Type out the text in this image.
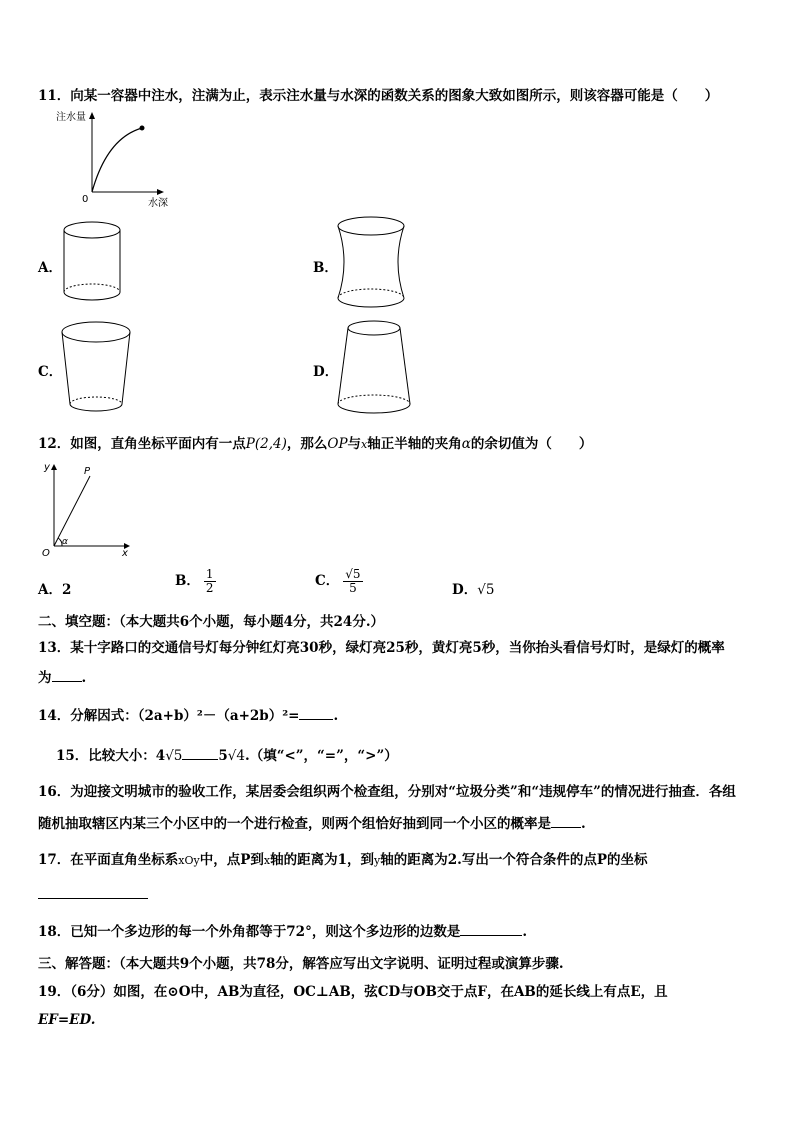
11．向某一容器中注水，注满为止，表示注水量与水深的函数关系的图象大致如图所示，则该容器可能是（　　）
注水量
0	水深
A．	B．
C．	D．
12．如图，直角坐标平面内有一点P(2,4)，那么OP与x轴正半轴的夹角α的余切值为（　　）
y	P
O	x
α
A．2
B． $\frac{1}{2}$	C． $\frac{√5}{5}$	D．√5
二、填空题：（本大题共6个小题，每小题4分，共24分.）
13．某十字路口的交通信号灯每分钟红灯亮30秒，绿灯亮25秒，黄灯亮5秒，当你抬头看信号灯时，是绿灯的概率
为 .
14．分解因式：（2a+b）²－（a+2b）²=	.
15．比较大小：4√5	5√4.（填“<”，“=”，“>”）
16．为迎接文明城市的验收工作，某居委会组织两个检查组，分别对“垃圾分类”和“违规停车”的情况进行抽查．各组
随机抽取辖区内某三个小区中的一个进行检查，则两个组恰好抽到同一个小区的概率是 .
17．在平面直角坐标系xOy中，点P到x轴的距离为1，到y轴的距离为2.写出一个符合条件的点P的坐标
18．已知一个多边形的每一个外角都等于72°，则这个多边形的边数是	.
三、解答题：（本大题共9个小题，共78分，解答应写出文字说明、证明过程或演算步骤.
19．（6分）如图，在⊙O中，AB为直径，OC⊥AB，弦CD与OB交于点F，在AB的延长线上有点E，且
EF=ED.
